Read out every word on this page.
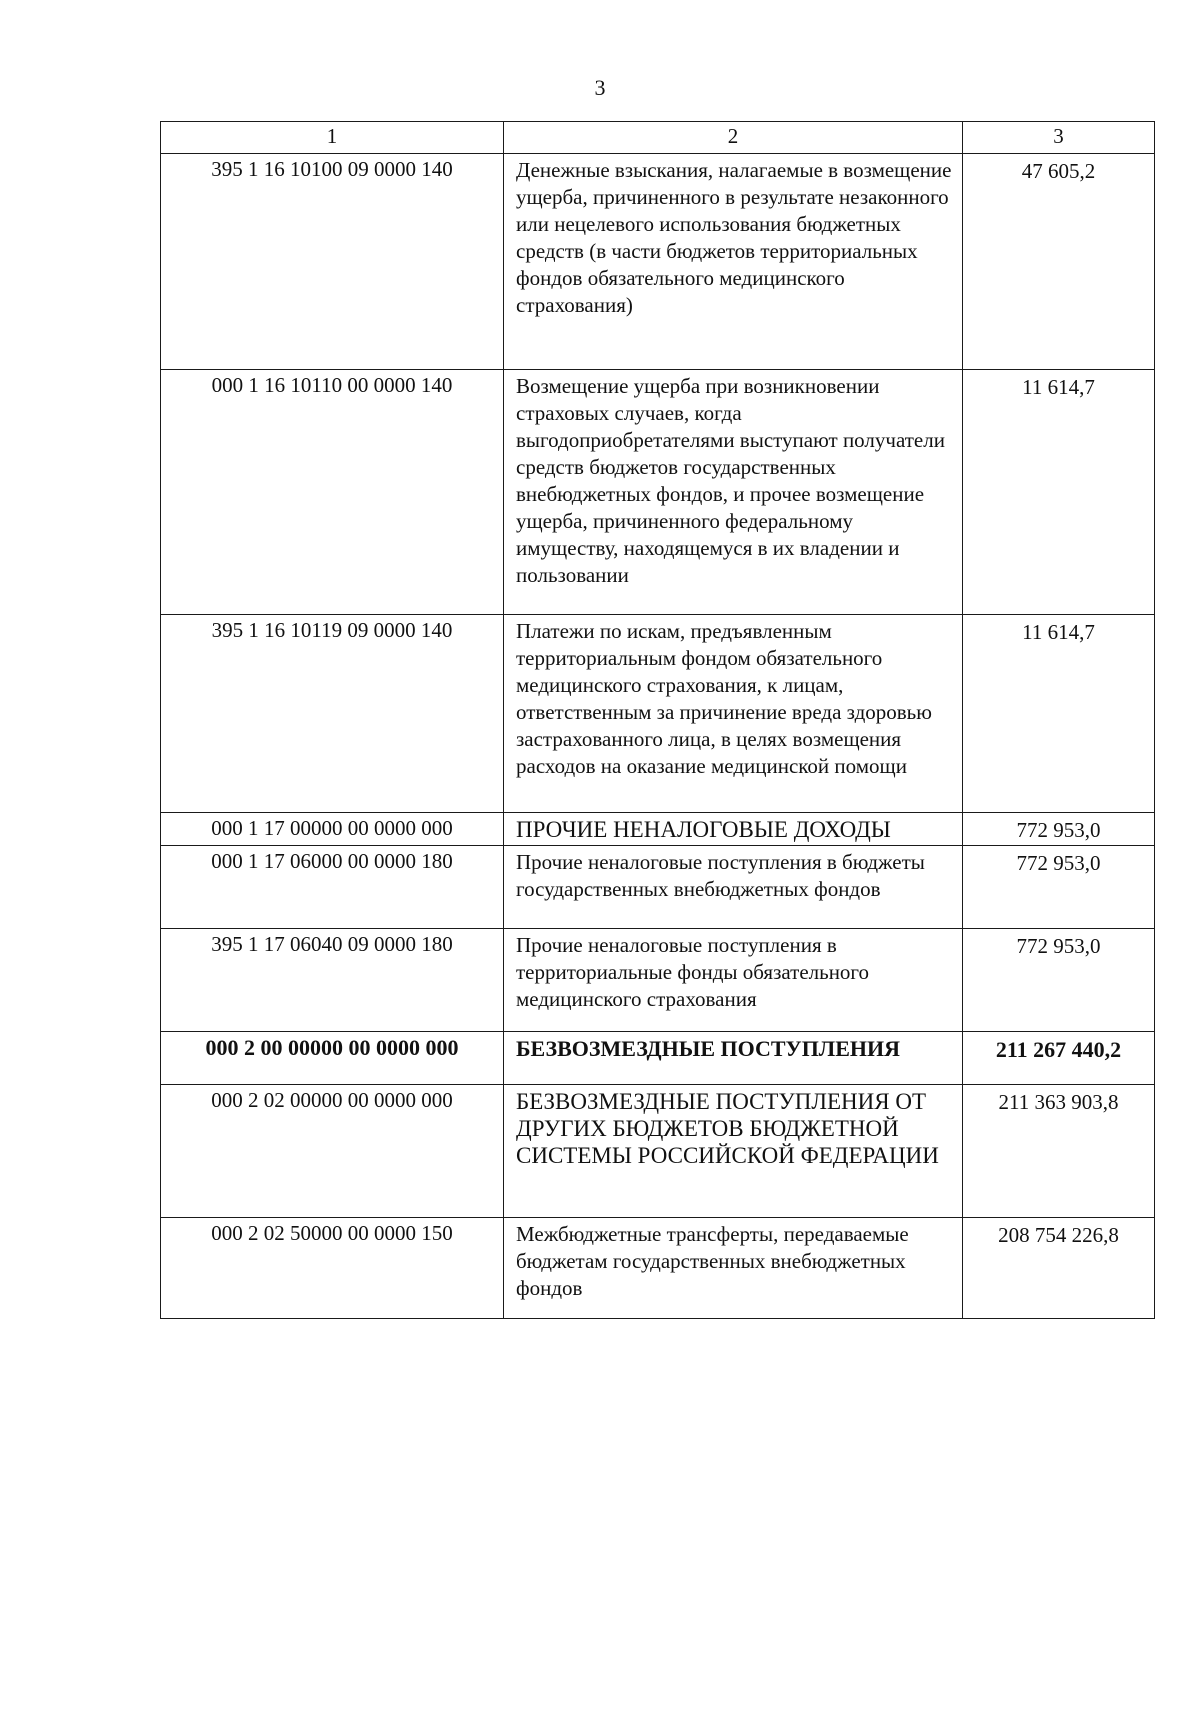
3
1	2	3
395 1 16 10100 09 0000 140	Денежные взыскания, налагаемые в возмещение ущерба, причиненного в результате незаконного или нецелевого использования бюджетных средств (в части бюджетов территориальных фондов обязательного медицинского страхования)	47 605,2
000 1 16 10110 00 0000 140	Возмещение ущерба при возникновении страховых случаев, когда выгодоприобретателями выступают получатели средств бюджетов государственных внебюджетных фондов, и прочее возмещение ущерба, причиненного федеральному имуществу, находящемуся в их владении и пользовании	11 614,7
395 1 16 10119 09 0000 140	Платежи по искам, предъявленным территориальным фондом обязательного медицинского страхования, к лицам, ответственным за причинение вреда здоровью застрахованного лица, в целях возмещения расходов на оказание медицинской помощи	11 614,7
000 1 17 00000 00 0000 000	ПРОЧИЕ НЕНАЛОГОВЫЕ ДОХОДЫ	772 953,0
000 1 17 06000 00 0000 180	Прочие неналоговые поступления в бюджеты государственных внебюджетных фондов	772 953,0
395 1 17 06040 09 0000 180	Прочие неналоговые поступления в территориальные фонды обязательного медицинского страхования	772 953,0
000 2 00 00000 00 0000 000	БЕЗВОЗМЕЗДНЫЕ ПОСТУПЛЕНИЯ	211 267 440,2
000 2 02 00000 00 0000 000	БЕЗВОЗМЕЗДНЫЕ ПОСТУПЛЕНИЯ ОТ ДРУГИХ БЮДЖЕТОВ БЮДЖЕТНОЙ СИСТЕМЫ РОССИЙСКОЙ ФЕДЕРАЦИИ	211 363 903,8
000 2 02 50000 00 0000 150	Межбюджетные трансферты, передаваемые бюджетам государственных внебюджетных фондов	208 754 226,8
